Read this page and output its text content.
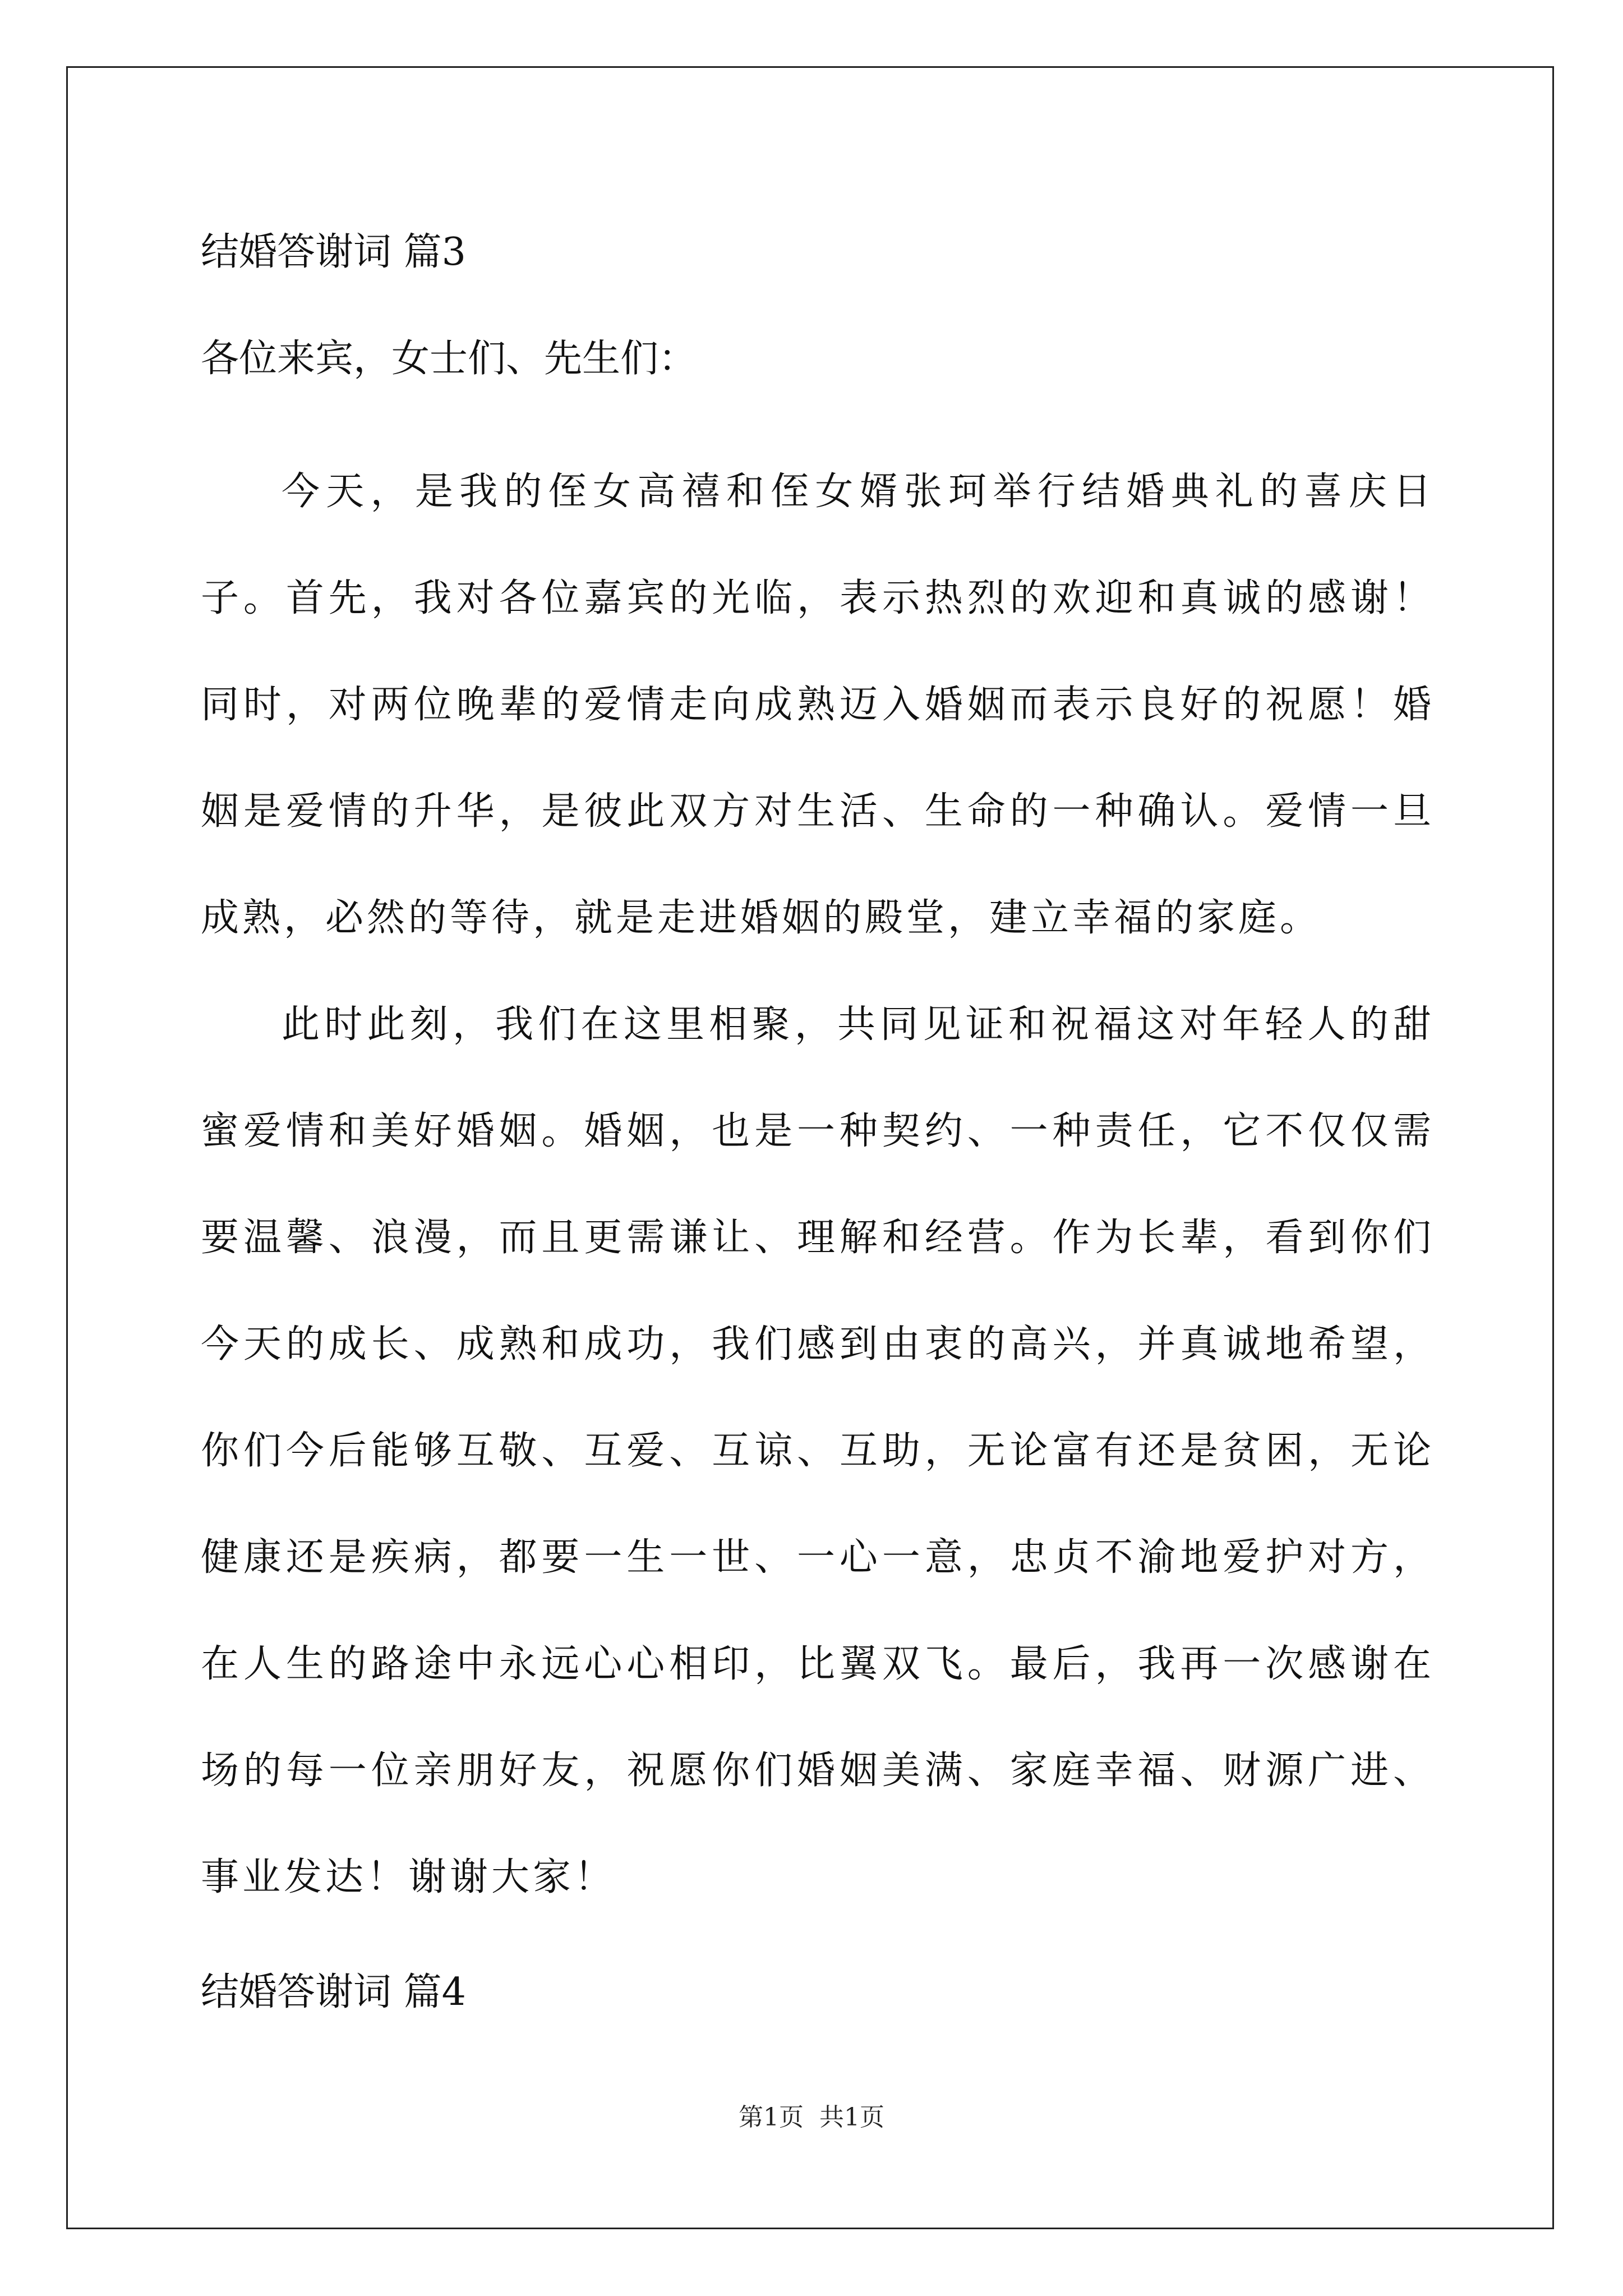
结婚答谢词 篇3
各位来宾，女士们、先生们：

今天，是我的侄女高禧和侄女婿张珂举行结婚典礼的喜庆日子。首先，我对各位嘉宾的光临，表示热烈的欢迎和真诚的感谢！同时，对两位晚辈的爱情走向成熟迈入婚姻而表示良好的祝愿！婚姻是爱情的升华，是彼此双方对生活、生命的一种确认。爱情一旦成熟，必然的等待，就是走进婚姻的殿堂，建立幸福的家庭。

此时此刻，我们在这里相聚，共同见证和祝福这对年轻人的甜蜜爱情和美好婚姻。婚姻，也是一种契约、一种责任，它不仅仅需要温馨、浪漫，而且更需谦让、理解和经营。作为长辈，看到你们今天的成长、成熟和成功，我们感到由衷的高兴，并真诚地希望，你们今后能够互敬、互爱、互谅、互助，无论富有还是贫困，无论健康还是疾病，都要一生一世、一心一意，忠贞不渝地爱护对方，在人生的路途中永远心心相印，比翼双飞。最后，我再一次感谢在场的每一位亲朋好友，祝愿你们婚姻美满、家庭幸福、财源广进、事业发达！谢谢大家！

结婚答谢词 篇4
第1页  共1页
